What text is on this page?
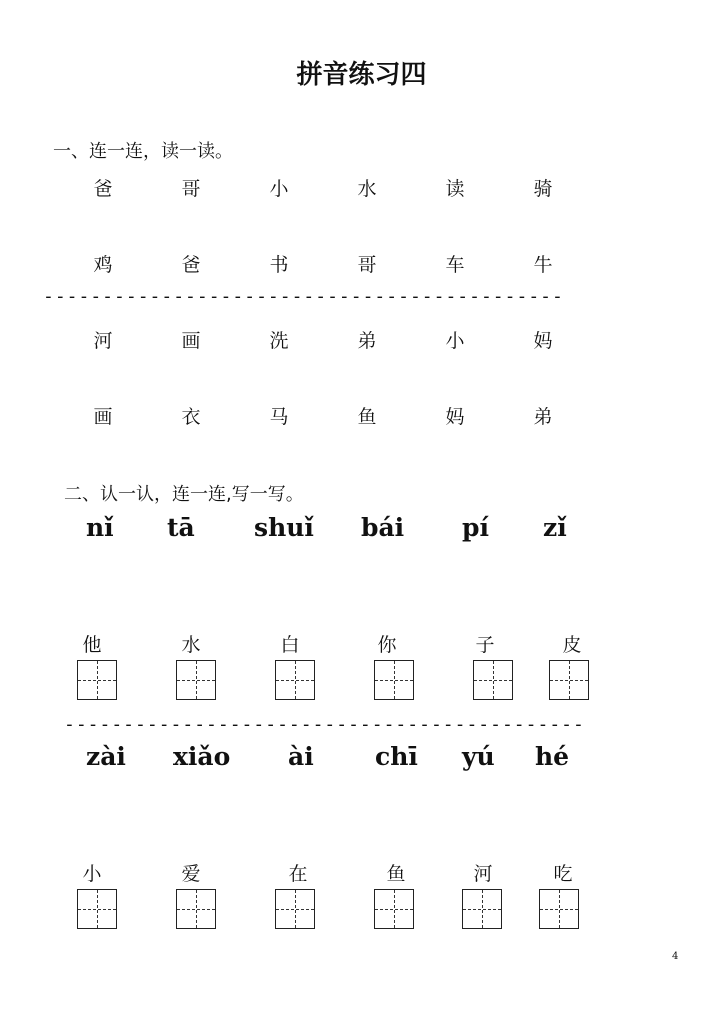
拼音练习四
一、连一连，读一读。
爸	哥	小	水	读	骑
鸡	爸	书	哥	车	牛
--------------------------------------------
河	画	洗	弟	小	妈
画	衣	马	鱼	妈	弟
二、认一认，连一连,写一写。
nǐ tā shuǐ bái pí zǐ
他	水	白	你	子	皮
--------------------------------------------
zài xiǎo ài chī yú hé
小	爱	在	鱼	河	吃
4
